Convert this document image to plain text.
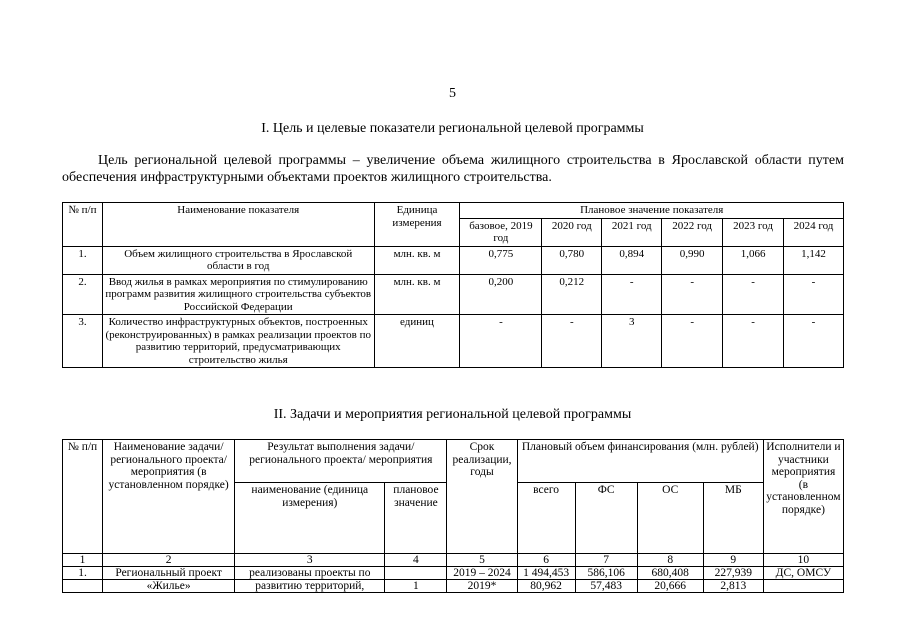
5
I. Цель и целевые показатели региональной целевой программы
Цель региональной целевой программы – увеличение объема жилищного строительства в Ярославской области путем обеспечения инфраструктурными объектами проектов жилищного строительства.
№ п/п	Наименование показателя	Единица измерения	Плановое значение показателя					
			базовое, 2019 год	2020 год	2021 год	2022 год	2023 год	2024 год
1.	Объем жилищного строительства в Ярославской области в год	млн. кв. м	0,775	0,780	0,894	0,990	1,066	1,142
2.	Ввод жилья в рамках мероприятия по стимулированию программ развития жилищного строительства субъектов Российской Федерации	млн. кв. м	0,200	0,212	-	-	-	-
3.	Количество инфраструктурных объектов, построенных (реконструированных) в рамках реализации проектов по развитию территорий, предусматривающих строительство жилья	единиц	-	-	3	-	-	-
II. Задачи и мероприятия региональной целевой программы
№ п/п	Наименование задачи/ регионального проекта/ мероприятия (в установленном порядке)	Результат выполнения задачи/ регионального проекта/ мероприятия		Срок реализации, годы	Плановый объем финансирования (млн. рублей)				Исполнители и участники мероприятия (в установленном порядке)
		наименование (единица измерения)	плановое значение		всего	ФС	ОС	МБ	
1	2	3	4	5	6	7	8	9	10
1.	Региональный проект	реализованы проекты по		2019 – 2024	1 494,453	586,106	680,408	227,939	ДС, ОМСУ
	«Жилье»	развитию территорий,	1	2019*	80,962	57,483	20,666	2,813	
